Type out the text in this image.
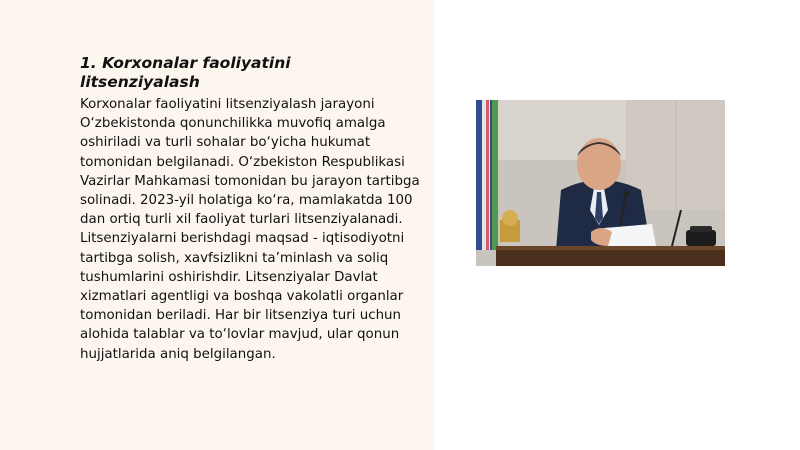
1. Korxonalar faoliyatini litsenziyalash

Korxonalar faoliyatini litsenziyalash jarayoni O‘zbekistonda qonunchilikka muvofiq amalga oshiriladi va turli sohalar bo‘yicha hukumat tomonidan belgilanadi. O‘zbekiston Respublikasi Vazirlar Mahkamasi tomonidan bu jarayon tartibga solinadi. 2023-yil holatiga ko‘ra, mamlakatda 100 dan ortiq turli xil faoliyat turlari litsenziyalanadi. Litsenziyalarni berishdagi maqsad - iqtisodiyotni tartibga solish, xavfsizlikni ta’minlash va soliq tushumlarini oshirishdir. Litsenziyalar Davlat xizmatlari agentligi va boshqa vakolatli organlar tomonidan beriladi. Har bir litsenziya turi uchun alohida talablar va to‘lovlar mavjud, ular qonun hujjatlarida aniq belgilangan.
